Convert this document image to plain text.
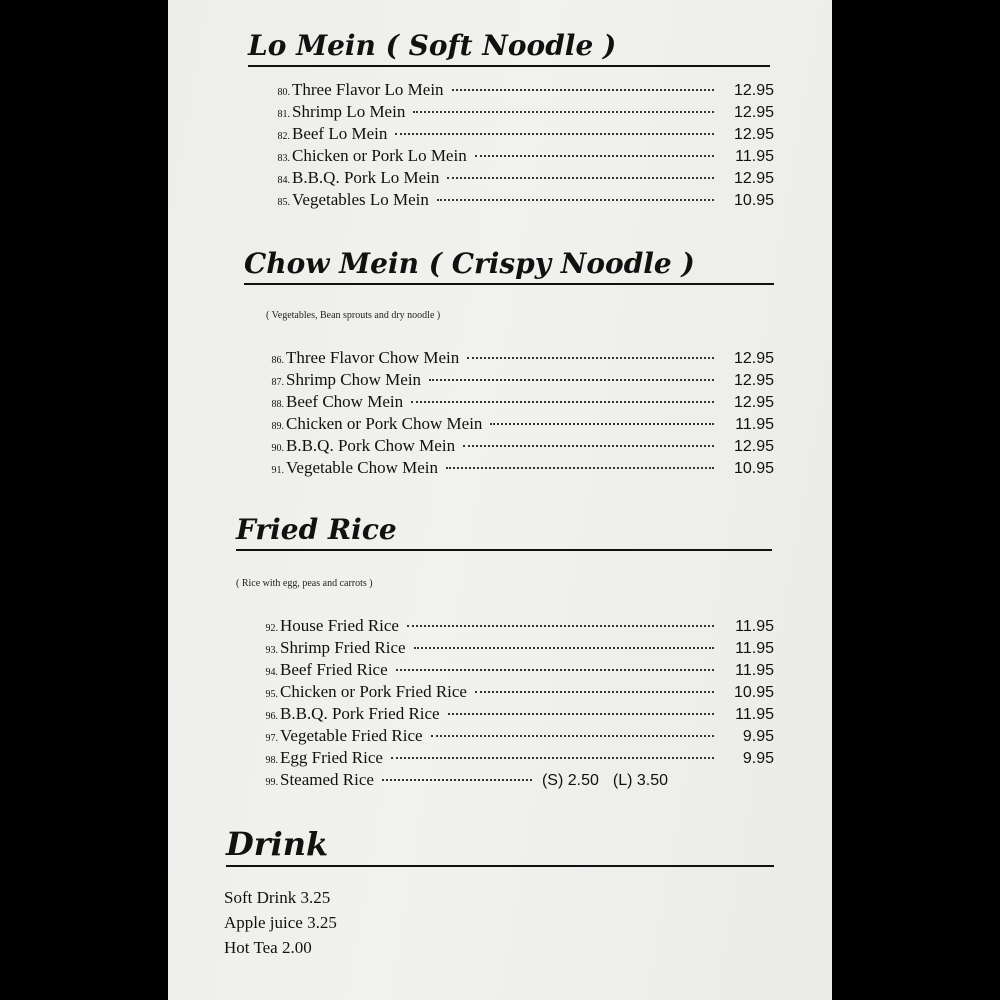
Lo Mein ( Soft Noodle )
80. Three Flavor Lo Mein	12.95
81. Shrimp Lo Mein	12.95
82. Beef Lo Mein	12.95
83. Chicken or Pork Lo Mein	11.95
84. B.B.Q. Pork Lo Mein	12.95
85. Vegetables Lo Mein	10.95
Chow Mein ( Crispy Noodle )
( Vegetables, Bean sprouts and dry noodle )
86. Three Flavor Chow Mein	12.95
87. Shrimp Chow Mein	12.95
88. Beef Chow Mein	12.95
89. Chicken or Pork Chow Mein	11.95
90. B.B.Q. Pork Chow Mein	12.95
91. Vegetable Chow Mein	10.95
Fried Rice
( Rice with egg, peas and carrots )
92. House Fried Rice	11.95
93. Shrimp Fried Rice	11.95
94. Beef Fried Rice	11.95
95. Chicken or Pork Fried Rice	10.95
96. B.B.Q. Pork Fried Rice	11.95
97. Vegetable Fried Rice	9.95
98. Egg Fried Rice	9.95
99. Steamed Rice	(S) 2.50 (L) 3.50
Drink
Soft Drink 3.25
Apple juice 3.25
Hot Tea 2.00
